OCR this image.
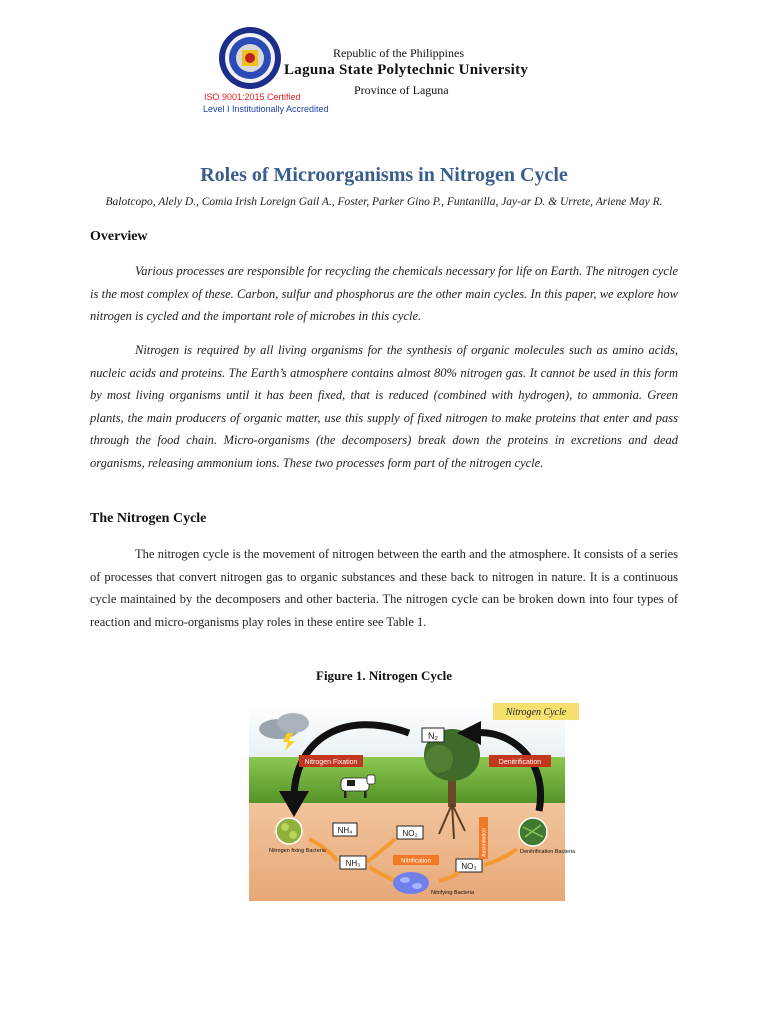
Republic of the Philippines
Laguna State Polytechnic University
Province of Laguna
ISO 9001:2015 Certified
Level I Institutionally Accredited
Roles of Microorganisms in Nitrogen Cycle
Balotcopo, Alely D., Comia Irish Loreign Gail A., Foster, Parker Gino P., Funtanilla, Jay-ar D. & Urrete, Ariene May R.
Overview

Various processes are responsible for recycling the chemicals necessary for life on Earth. The nitrogen cycle is the most complex of these. Carbon, sulfur and phosphorus are the other main cycles. In this paper, we explore how nitrogen is cycled and the important role of microbes in this cycle.

Nitrogen is required by all living organisms for the synthesis of organic molecules such as amino acids, nucleic acids and proteins. The Earth’s atmosphere contains almost 80% nitrogen gas. It cannot be used in this form by most living organisms until it has been fixed, that is reduced (combined with hydrogen), to ammonia. Green plants, the main producers of organic matter, use this supply of fixed nitrogen to make proteins that enter and pass through the food chain. Micro-organisms (the decomposers) break down the proteins in excretions and dead organisms, releasing ammonium ions. These two processes form part of the nitrogen cycle.

The Nitrogen Cycle

The nitrogen cycle is the movement of nitrogen between the earth and the atmosphere. It consists of a series of processes that convert nitrogen gas to organic substances and these back to nitrogen in nature. It is a continuous cycle maintained by the decomposers and other bacteria. The nitrogen cycle can be broken down into four types of reaction and micro-organisms play roles in these entire see Table 1.

Figure 1. Nitrogen Cycle
Nitrogen Fixation	Denitrification
Nitrogen Cycle
N₂
NH₄	NO₂
NH₃	NO₃
Nitrification
Assimilation
Nitrogen fixing Bacteria	Denitrification Bacteria
Nitrifying Bacteria
